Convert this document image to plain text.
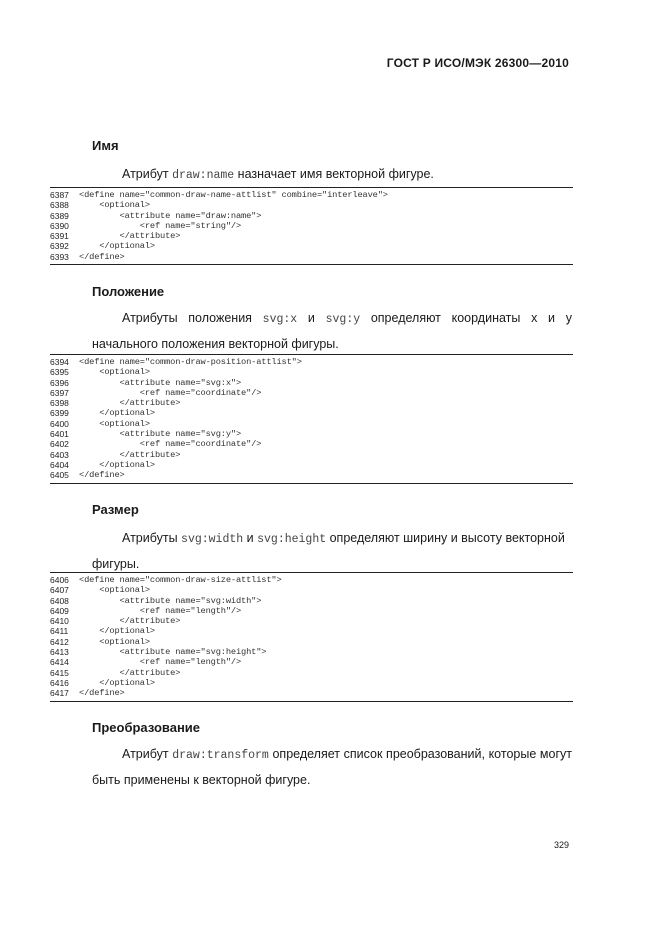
ГОСТ Р ИСО/МЭК 26300—2010
Имя
Атрибут draw:name назначает имя векторной фигуре.
6387	<define name="common-draw-name-attlist" combine="interleave">
6388	<optional>
6389	<attribute name="draw:name">
6390	<ref name="string"/>
6391	</attribute>
6392	</optional>
6393	</define>
Положение
Атрибуты положения svg:x и svg:y определяют координаты x и y начального положения векторной фигуры.
6394	<define name="common-draw-position-attlist">
6395	<optional>
6396	<attribute name="svg:x">
6397	<ref name="coordinate"/>
6398	</attribute>
6399	</optional>
6400	<optional>
6401	<attribute name="svg:y">
6402	<ref name="coordinate"/>
6403	</attribute>
6404	</optional>
6405	</define>
Размер
Атрибуты svg:width и svg:height определяют ширину и высоту векторной фигуры.
6406	<define name="common-draw-size-attlist">
6407	<optional>
6408	<attribute name="svg:width">
6409	<ref name="length"/>
6410	</attribute>
6411	</optional>
6412	<optional>
6413	<attribute name="svg:height">
6414	<ref name="length"/>
6415	</attribute>
6416	</optional>
6417	</define>
Преобразование
Атрибут draw:transform определяет список преобразований, которые могут быть применены к векторной фигуре.
329
